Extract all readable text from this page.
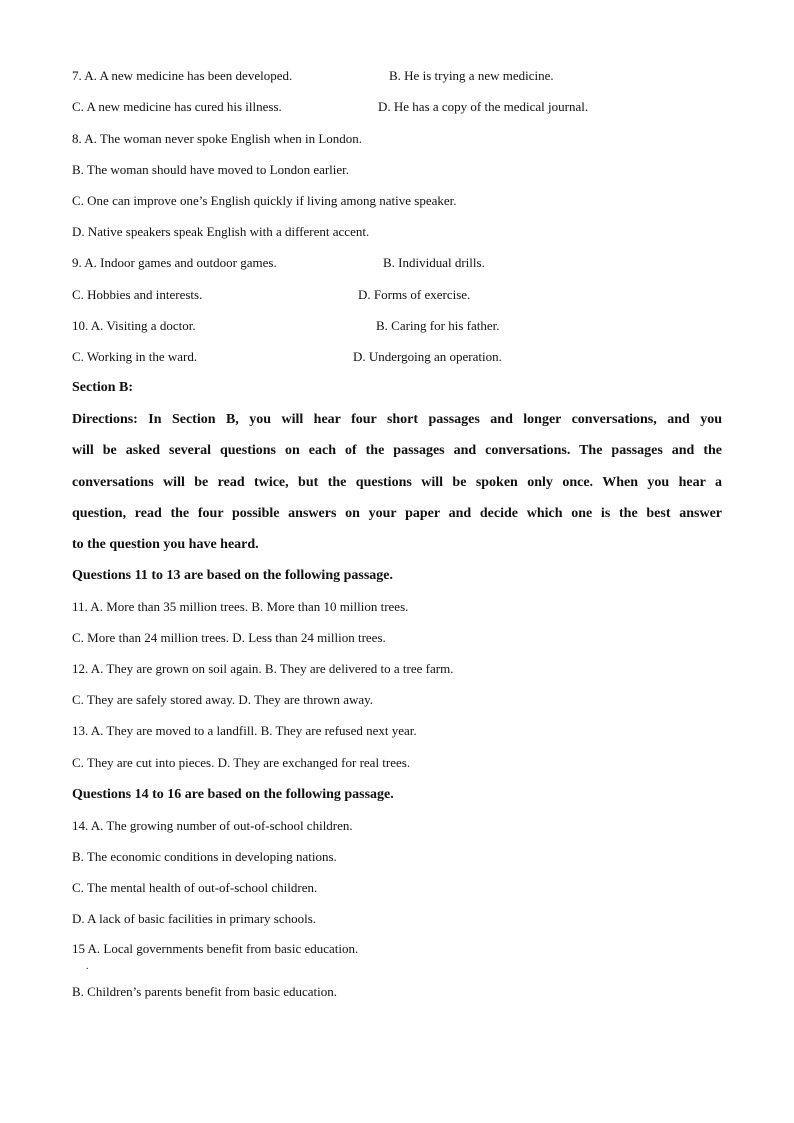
7. A. A new medicine has been developed.	B. He is trying a new medicine.
C. A new medicine has cured his illness.	D. He has a copy of the medical journal.
8. A. The woman never spoke English when in London.
B. The woman should have moved to London earlier.
C. One can improve one’s English quickly if living among native speaker.
D. Native speakers speak English with a different accent.
9. A. Indoor games and outdoor games.	B. Individual drills.
C. Hobbies and interests.	D. Forms of exercise.
10. A. Visiting a doctor.	B. Caring for his father.
C. Working in the ward.	D. Undergoing an operation.
Section B:
Directions: In Section B, you will hear four short passages and longer conversations, and you
will be asked several questions on each of the passages and conversations. The passages and the
conversations will be read twice, but the questions will be spoken only once. When you hear a
question, read the four possible answers on your paper and decide which one is the best answer
to the question you have heard.
Questions 11 to 13 are based on the following passage.
11. A. More than 35 million trees. B. More than 10 million trees.
C. More than 24 million trees. D. Less than 24 million trees.
12. A. They are grown on soil again. B. They are delivered to a tree farm.
C. They are safely stored away. D. They are thrown away.
13. A. They are moved to a landfill. B. They are refused next year.
C. They are cut into pieces. D. They are exchanged for real trees.
Questions 14 to 16 are based on the following passage.
14. A. The growing number of out-of-school children.
B. The economic conditions in developing nations.
C. The mental health of out-of-school children.
D. A lack of basic facilities in primary schools.
15 A. Local governments benefit from basic education.
.
B. Children’s parents benefit from basic education.
